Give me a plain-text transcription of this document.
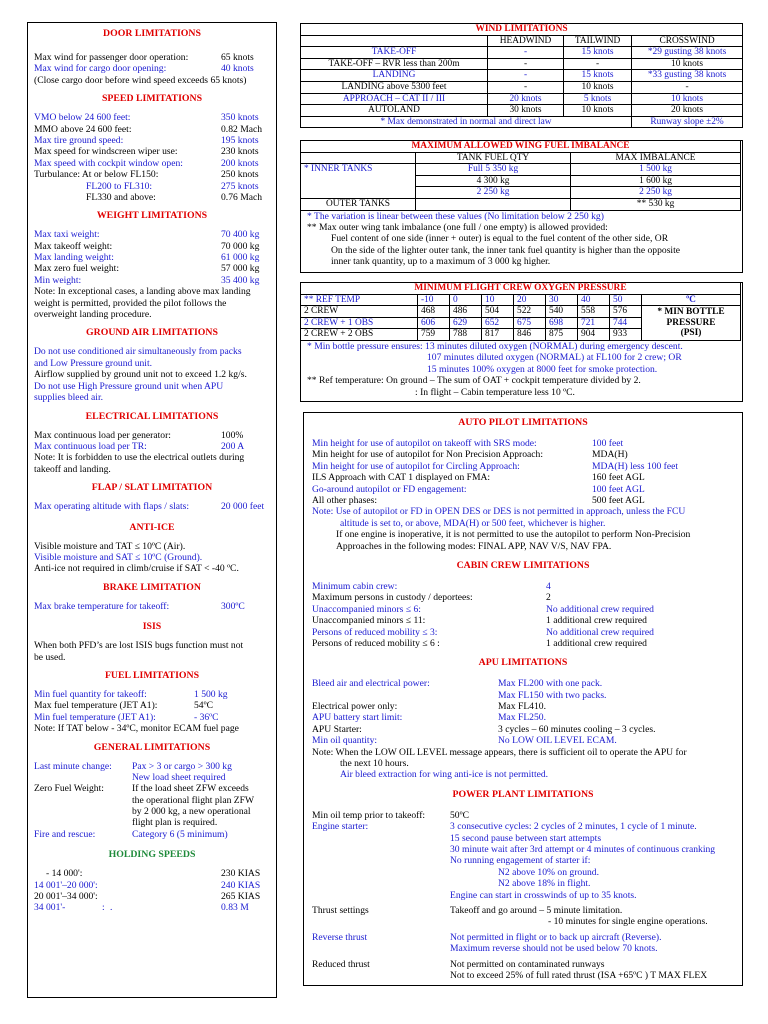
DOOR LIMITATIONS

Max wind for passenger door operation:	65 knots
Max wind for cargo door opening:	40 knots

(Close cargo door before wind speed exceeds 65 knots)

SPEED LIMITATIONS

VMO below 24 600 feet:	350 knots
MMO above 24 600 feet:	0.82 Mach
Max tire ground speed:	195 knots
Max speed for windscreen wiper use:	230 knots
Max speed with cockpit window open:	200 knots
Turbulance: At or below FL150:	250 knots
FL200 to FL310:	275 knots
FL330 and above:	0.76 Mach

WEIGHT LIMITATIONS

Max taxi weight:	70 400 kg
Max takeoff weight:	70 000 kg
Max landing weight:	61 000 kg
Max zero fuel weight:	57 000 kg
Min weight:	35 400 kg

Note: In exceptional cases, a landing above max landing

weight is permitted, provided the pilot follows the

overweight landing procedure.

GROUND AIR LIMITATIONS

Do not use conditioned air simultaneously from packs

and Low Pressure ground unit.

Airflow supplied by ground unit not to exceed 1.2 kg/s.

Do not use High Pressure ground unit when APU

supplies bleed air.

ELECTRICAL LIMITATIONS

Max continuous load per generator:	100%
Max continuous load per TR:	200 A

Note: It is forbidden to use the electrical outlets during

takeoff and landing.

FLAP / SLAT LIMITATION

Max operating altitude with flaps / slats:	20 000 feet

ANTI-ICE

Visible moisture and TAT ≤ 10ºC (Air).

Visible moisture and SAT ≤ 10ºC (Ground).

Anti-ice not required in climb/cruise if SAT < -40 ºC.

BRAKE LIMITATION

Max brake temperature for takeoff:	300ºC

ISIS

When both PFD’s are lost ISIS bugs function must not

be used.

FUEL LIMITATIONS

Min fuel quantity for takeoff:	1 500 kg
Max fuel temperature (JET A1):	54ºC
Min fuel temperature (JET A1):	- 36ºC

Note: If TAT below - 34ºC, monitor ECAM fuel page

GENERAL LIMITATIONS

Last minute change: Pax > 3 or cargo > 300 kg
New load sheet required
Zero Fuel Weight:	If the load sheet ZFW exceeds
the operational flight plan ZFW
by 2 000 kg, a new operational
flight plan is required.
Fire and rescue:	Category 6 (5 minimum)

HOLDING SPEEDS

- 14 000':	230 KIAS
14 001'–20 000':	240 KIAS
20 001'–34 000':	265 KIAS
34 001'-	: .	0.83 M
WIND LIMITATIONS			
	HEADWIND	TAILWIND	CROSSWIND
TAKE-OFF	-	15 knots	*29 gusting 38 knots
TAKE-OFF – RVR less than 200m	-	-	10 knots
LANDING	-	15 knots	*33 gusting 38 knots
LANDING above 5300 feet	-	10 knots	-
APPROACH – CAT II / III	20 knots	5 knots	10 knots
AUTOLAND	30 knots	10 knots	20 knots
* Max demonstrated in normal and direct law			Runway slope ±2%
MAXIMUM ALLOWED WING FUEL IMBALANCE		
	TANK FUEL QTY	MAX IMBALANCE
* INNER TANKS	Full 5 350 kg	1 500 kg
	4 300 kg	1 600 kg
	2 250 kg	2 250 kg
OUTER TANKS		** 530 kg

* The variation is linear between these values (No limitation below 2 250 kg)

** Max outer wing tank imbalance (one full / one empty) is allowed provided:

Fuel content of one side (inner + outer) is equal to the fuel content of the other side, OR

On the side of the lighter outer tank, the inner tank fuel quantity is higher than the opposite

inner tank quantity, up to a maximum of 3 000 kg higher.

MINIMUM FLIGHT CREW OXYGEN PRESSURE								
** REF TEMP	-10	0	10	20	30	40	50	ºC
2 CREW	468	486	504	522	540	558	576	* MIN BOTTLE
PRESSURE
(PSI)

2 CREW + 1 OBS	606	629	652	675	698	721	744	
2 CREW + 2 OBS	759	788	817	846	875	904	933	

* Min bottle pressure ensures: 13 minutes diluted oxygen (NORMAL) during emergency descent.

107 minutes diluted oxygen (NORMAL) at FL100 for 2 crew; OR

15 minutes 100% oxygen at 8000 feet for smoke protection.

** Ref temperature: On ground – The sum of OAT + cockpit temperature divided by 2.

: In flight – Cabin temperature less 10 ºC.

AUTO PILOT LIMITATIONS

Min height for use of autopilot on takeoff with SRS mode:	100 feet
Min height for use of autopilot for Non Precision Approach:	MDA(H)
Min height for use of autopilot for Circling Approach:	MDA(H) less 100 feet
ILS Approach with CAT 1 displayed on FMA:	160 feet AGL
Go-around autopilot or FD engagement:	100 feet AGL
All other phases:	500 feet AGL

Note: Use of autopilot or FD in OPEN DES or DES is not permitted in approach, unless the FCU

altitude is set to, or above, MDA(H) or 500 feet, whichever is higher.

If one engine is inoperative, it is not permitted to use the autopilot to perform Non-Precision

Approaches in the following modes: FINAL APP, NAV V/S, NAV FPA.

CABIN CREW LIMITATIONS

Minimum cabin crew:	4
Maximum persons in custody / deportees:	2
Unaccompanied minors ≤ 6:	No additional crew required
Unaccompanied minors ≤ 11:	1 additional crew required
Persons of reduced mobility ≤ 3:	No additional crew required
Persons of reduced mobility ≤ 6 :	1 additional crew required

APU LIMITATIONS

Bleed air and electrical power:	Max FL200 with one pack.
Max FL150 with two packs.
Electrical power only:	Max FL410.
APU battery start limit:	Max FL250.
APU Starter:	3 cycles – 60 minutes cooling – 3 cycles.
Min oil quantity:	No LOW OIL LEVEL ECAM.

Note: When the LOW OIL LEVEL message appears, there is sufficient oil to operate the APU for

the next 10 hours.

Air bleed extraction for wing anti-ice is not permitted.

POWER PLANT LIMITATIONS

Min oil temp prior to takeoff:	50ºC
Engine starter:	3 consecutive cycles: 2 cycles of 2 minutes, 1 cycle of 1 minute.
15 second pause between start attempts
30 minute wait after 3rd attempt or 4 minutes of continuous cranking
No running engagement of starter if:
N2 above 10% on ground.
N2 above 18% in flight.
Engine can start in crosswinds of up to 35 knots.
Thrust settings	Takeoff and go around – 5 minute limitation.
- 10 minutes for single engine operations.
Reverse thrust	Not permitted in flight or to back up aircraft (Reverse).
Maximum reverse should not be used below 70 knots.
Reduced thrust	Not permitted on contaminated runways
Not to exceed 25% of full rated thrust (ISA +65ºC ) T MAX FLEX
